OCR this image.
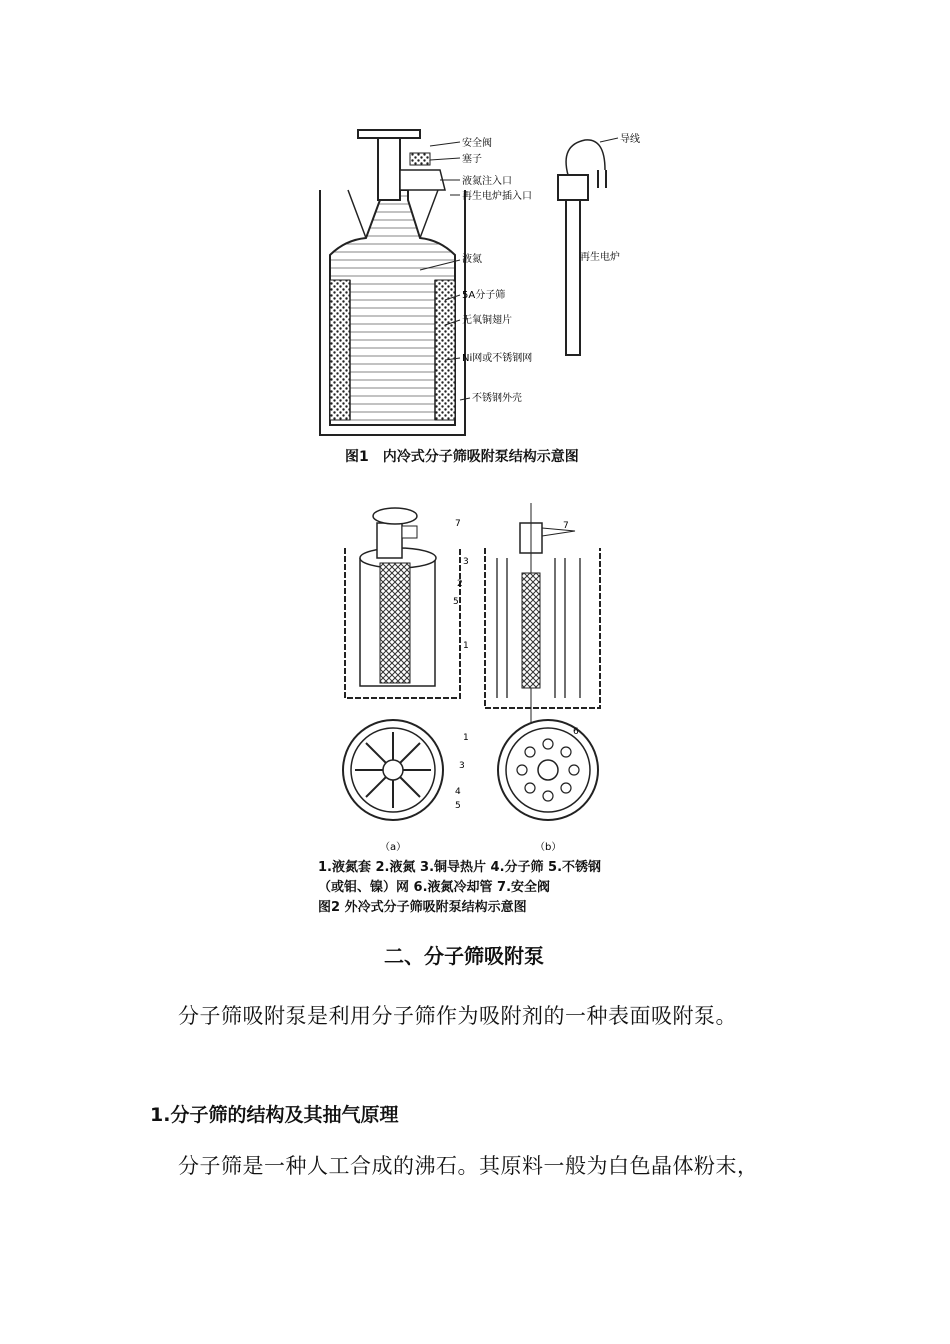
安全阀
塞子
液氮注入口
再生电炉插入口
液氮
5A分子筛
无氧铜翅片
Ni网或不锈钢网
不锈钢外壳
导线
再生电炉
图1　内冷式分子筛吸附泵结构示意图
7
3
2
5
1
7
1
3
4
5
6
（a）	（b）
1.液氮套 2.液氮 3.铜导热片 4.分子筛 5.不锈钢
（或钼、镍）网 6.液氮冷却管 7.安全阀
图2 外冷式分子筛吸附泵结构示意图
二、分子筛吸附泵
分子筛吸附泵是利用分子筛作为吸附剂的一种表面吸附泵。
1.分子筛的结构及其抽气原理
分子筛是一种人工合成的沸石。其原料一般为白色晶体粉末，
